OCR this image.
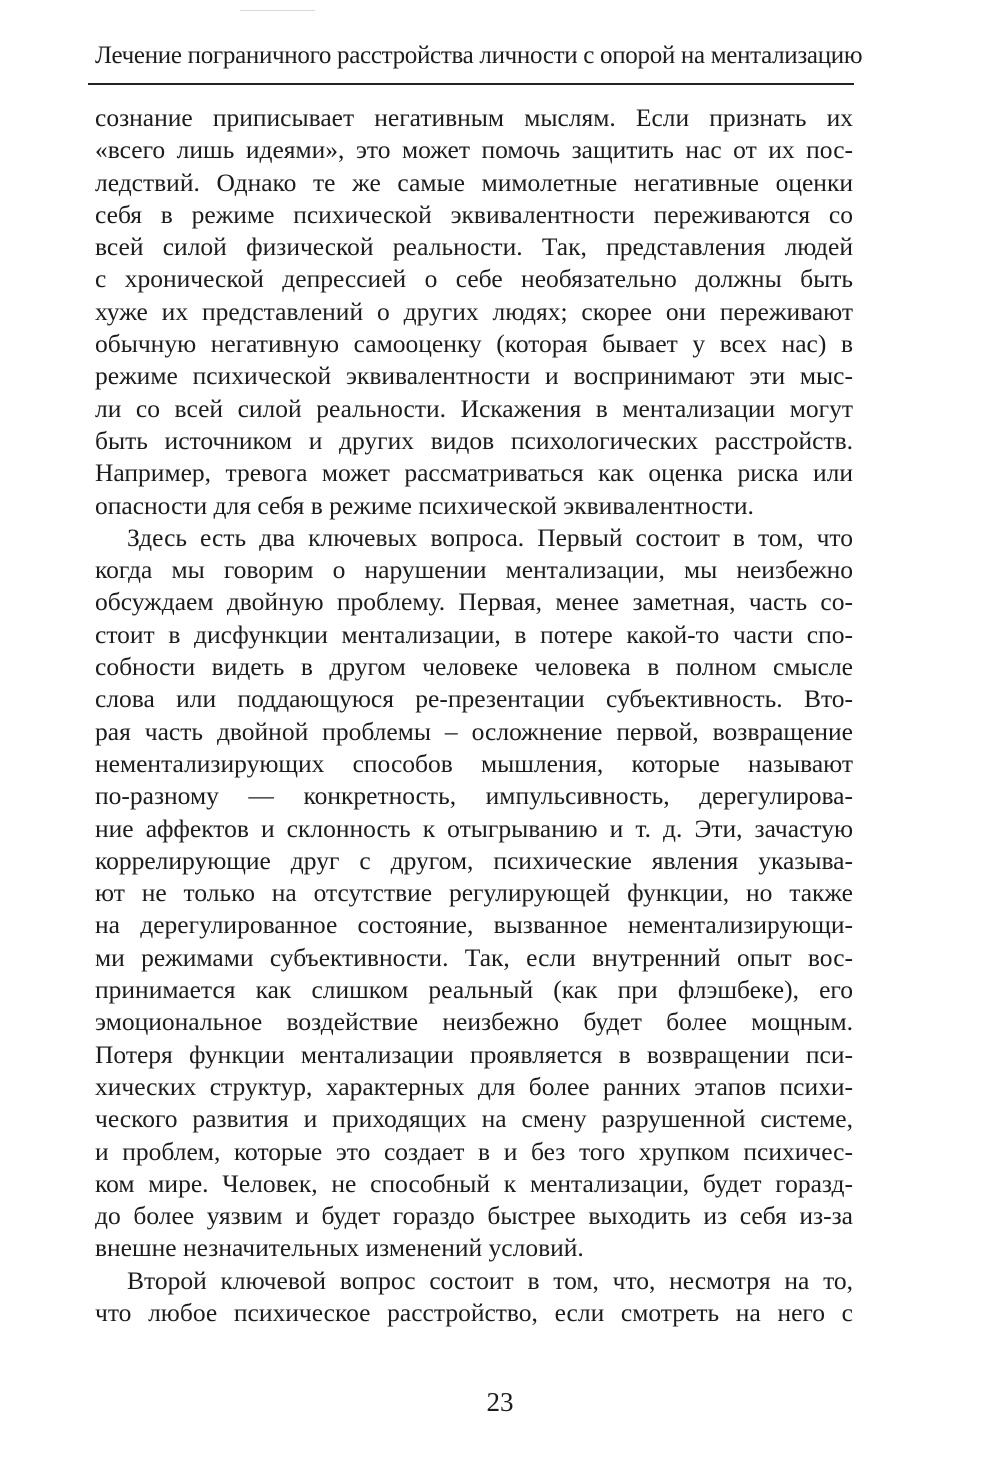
Лечение пограничного расстройства личности с опорой на ментализацию
сознание приписывает негативным мыслям. Если признать их
«всего лишь идеями», это может помочь защитить нас от их пос-
ледствий. Однако те же самые мимолетные негативные оценки
себя в режиме психической эквивалентности переживаются со
всей силой физической реальности. Так, представления людей
с хронической депрессией о себе необязательно должны быть
хуже их представлений о других людях; скорее они переживают
обычную негативную самооценку (которая бывает у всех нас) в
режиме психической эквивалентности и воспринимают эти мыс-
ли со всей силой реальности. Искажения в ментализации могут
быть источником и других видов психологических расстройств.
Например, тревога может рассматриваться как оценка риска или
опасности для себя в режиме психической эквивалентности.
Здесь есть два ключевых вопроса. Первый состоит в том, что
когда мы говорим о нарушении ментализации, мы неизбежно
обсуждаем двойную проблему. Первая, менее заметная, часть со-
стоит в дисфункции ментализации, в потере какой-то части спо-
собности видеть в другом человеке человека в полном смысле
слова или поддающуюся ре-презентации субъективность. Вто-
рая часть двойной проблемы – осложнение первой, возвращение
нементализирующих способов мышления, которые называют
по-разному — конкретность, импульсивность, дерегулирова-
ние аффектов и склонность к отыгрыванию и т. д. Эти, зачастую
коррелирующие друг с другом, психические явления указыва-
ют не только на отсутствие регулирующей функции, но также
на дерегулированное состояние, вызванное нементализирующи-
ми режимами субъективности. Так, если внутренний опыт вос-
принимается как слишком реальный (как при флэшбеке), его
эмоциональное воздействие неизбежно будет более мощным.
Потеря функции ментализации проявляется в возвращении пси-
хических структур, характерных для более ранних этапов психи-
ческого развития и приходящих на смену разрушенной системе,
и проблем, которые это создает в и без того хрупком психичес-
ком мире. Человек, не способный к ментализации, будет горазд-
до более уязвим и будет гораздо быстрее выходить из себя из-за
внешне незначительных изменений условий.
Второй ключевой вопрос состоит в том, что, несмотря на то,
что любое психическое расстройство, если смотреть на него с
23
